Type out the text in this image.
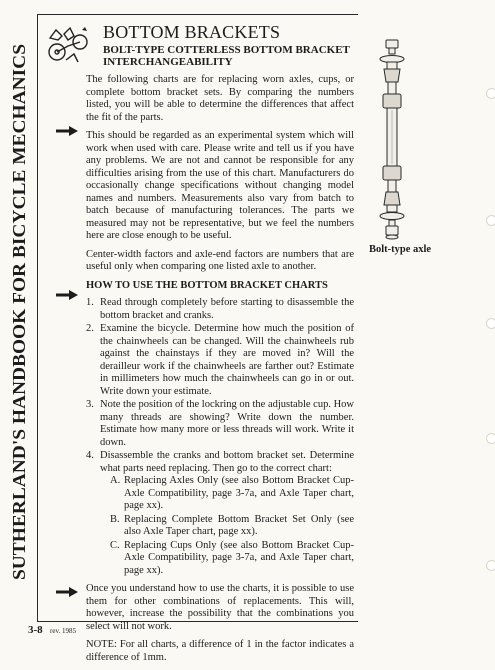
SUTHERLAND'S HANDBOOK FOR BICYCLE MECHANICS
BOTTOM BRACKETS
BOLT-TYPE COTTERLESS BOTTOM BRACKET INTERCHANGEABILITY

The following charts are for replacing worn axles, cups, or complete bottom bracket sets. By comparing the numbers listed, you will be able to determine the differences that affect the fit of the parts.

This should be regarded as an experimental system which will work when used with care. Please write and tell us if you have any problems. We are not and cannot be responsible for any difficulties arising from the use of this chart. Manufacturers do occasionally change specifications without changing model names and numbers. Measurements also vary from batch to batch because of manufacturing tolerances. The parts we measured may not be representative, but we feel the numbers here are close enough to be useful.

Center-width factors and axle-end factors are numbers that are useful only when comparing one listed axle to another.

HOW TO USE THE BOTTOM BRACKET CHARTS

1. Read through completely before starting to disassemble the bottom bracket and cranks.
2. Examine the bicycle. Determine how much the position of the chainwheels can be changed. Will the chainwheels rub against the chainstays if they are moved in? Will the derailleur work if the chainwheels are farther out? Estimate in millimeters how much the chainwheels can go in or out. Write down your estimate.
3. Note the position of the lockring on the adjustable cup. How many threads are showing? Write down the number. Estimate how many more or less threads will work. Write it down.
4. Disassemble the cranks and bottom bracket set. Determine what parts need replacing. Then go to the correct chart:
A. Replacing Axles Only (see also Bottom Bracket Cup-Axle Compatibility, page 3-7a, and Axle Taper chart, page xx).
B. Replacing Complete Bottom Bracket Set Only (see also Axle Taper chart, page xx).
C. Replacing Cups Only (see also Bottom Bracket Cup-Axle Compatibility, page 3-7a, and Axle Taper chart, page xx).

Once you understand how to use the charts, it is possible to use them for other combinations of replacements. This will, however, increase the possibility that the combinations you select will not work.

NOTE: For all charts, a difference of 1 in the factor indicates a difference of 1mm.

Bolt-type axle
3-8 rev. 1985
